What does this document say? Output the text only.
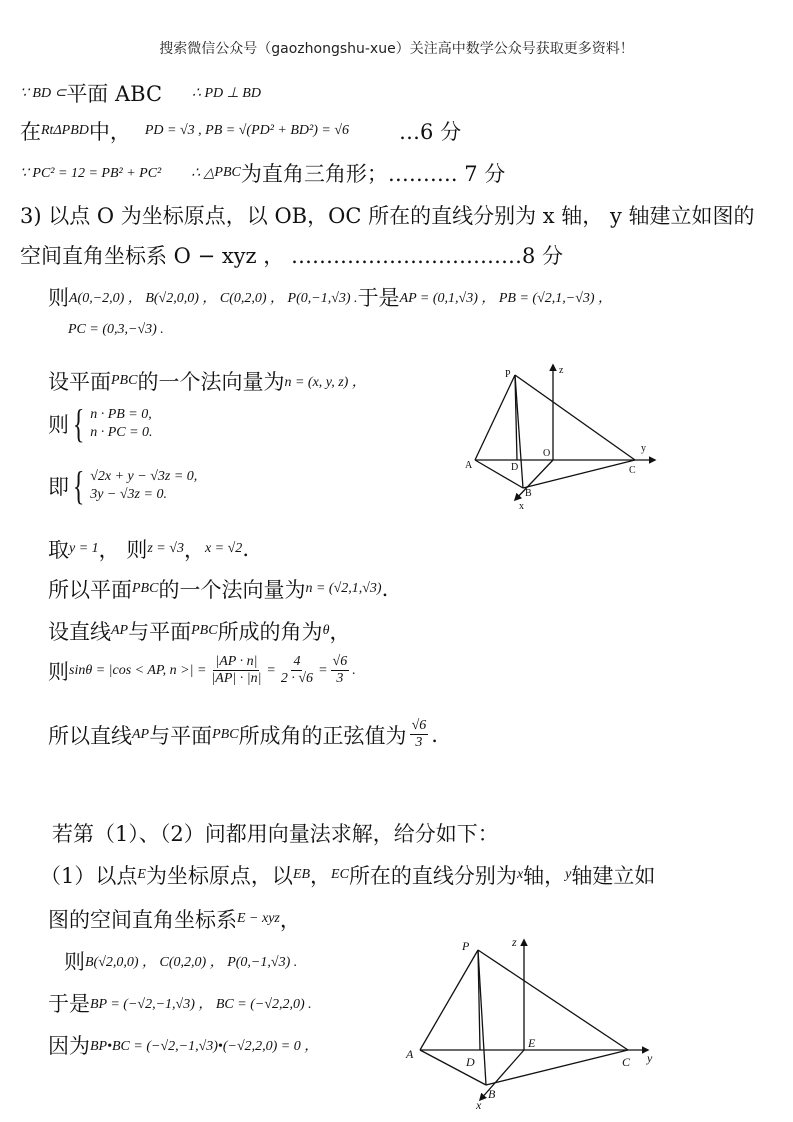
搜索微信公众号（gaozhongshu-xue）关注高中数学公众号获取更多资料！
∵ BD ⊂ 平面 ABC ∴ PD ⊥ BD
在 RtΔPBD 中， PD = √3 , PB = √(PD² + BD²) = √6 …6 分
∵ PC² = 12 = PB² + PC² ∴ △ PBC 为直角三角形；………. 7 分
3) 以点 O 为坐标原点，以 OB，OC 所在的直线分别为 x 轴， y 轴建立如图的
空间直角坐标系 O − xyz ， ……………………………8 分
则 A(0,−2,0) ， B(√2,0,0) ， C(0,2,0) ， P(0,−1,√3) . 于是 AP = (0,1,√3) ， PB = (√2,1,−√3) ，
PC = (0,3,−√3) .
设平面 PBC 的一个法向量为 n = (x, y, z) ，
则 { n · PB = 0,
n · PC = 0.
即 { √2x + y − √3z = 0,
3y − √3z = 0.
取 y = 1 ， 则 z = √3 ， x = √2 .
所以平面 PBC 的一个法向量为 n = (√2,1,√3) .
设直线 AP 与平面 PBC 所成的角为 θ ，
则 sinθ = |cos < AP, n >| = $\frac{|AP \cdot n|}{|AP| \cdot |n|} = \frac{4}{2 \cdot √6} = \frac{√6}{3}$ .
所以直线 AP 与平面 PBC 所成角的正弦值为 $\frac{√6}{3}$ .
若第（1）、（2）问都用向量法求解，给分如下：
（1）以点 E 为坐标原点，以 EB ， EC 所在的直线分别为 x 轴， y 轴建立如
图的空间直角坐标系 E − xyz ，
则 B(√2,0,0) ， C(0,2,0) ， P(0,−1,√3) .
于是 BP = (−√2,−1,√3) ， BC = (−√2,2,0) .
因为 BP•BC = (−√2,−1,√3)•(−√2,2,0) = 0 ，
P	z
y
O
A	D	C
B
x
P	z
E
A
D	C y
B
x
